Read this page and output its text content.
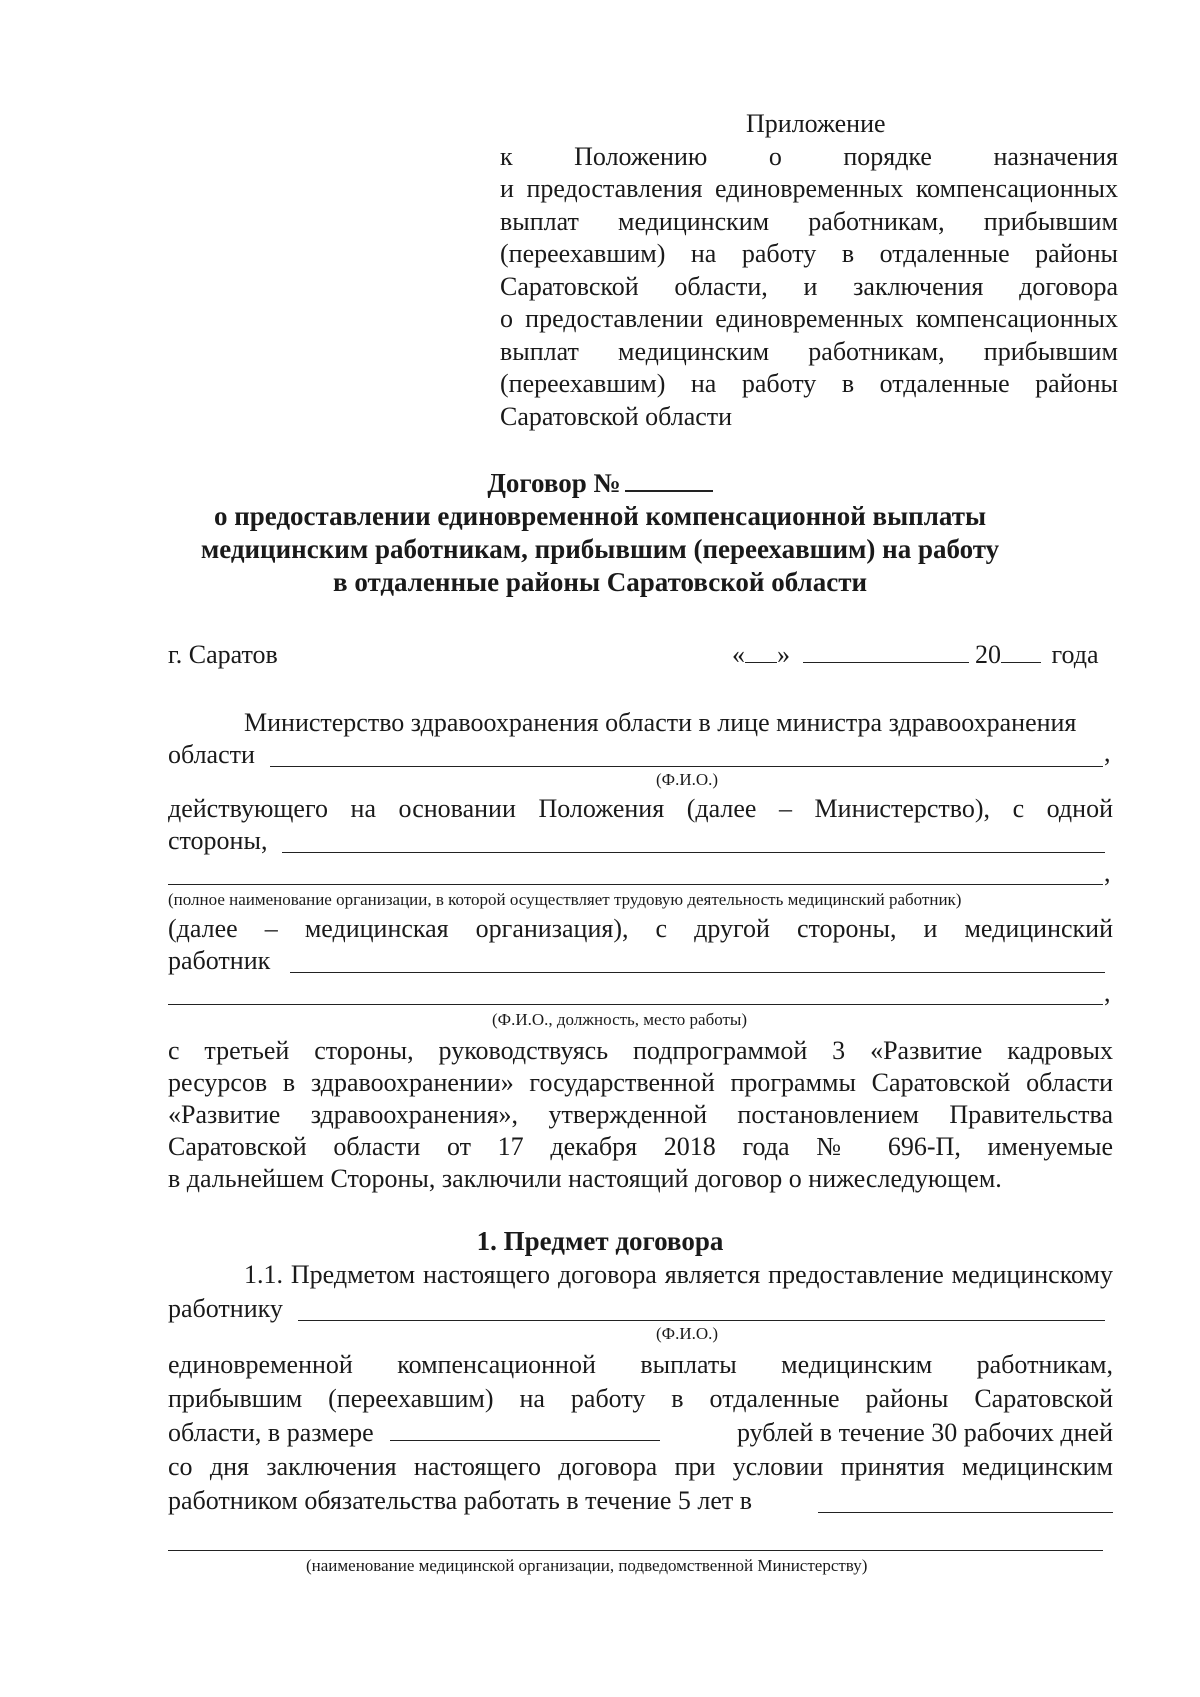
Приложение
к Положению о порядке назначения
и предоставления единовременных компенсационных
выплат медицинским работникам, прибывшим
(переехавшим) на работу в отдаленные районы
Саратовской области, и заключения договора
о предоставлении единовременных компенсационных
выплат медицинским работникам, прибывшим
(переехавшим) на работу в отдаленные районы
Саратовской области
Договор №
о предоставлении единовременной компенсационной выплаты
медицинским работникам, прибывшим (переехавшим) на работу
в отдаленные районы Саратовской области
г. Саратов	« »	20 года
Министерство здравоохранения области в лице министра здравоохранения
области	,
(Ф.И.О.)
действующего на основании Положения (далее – Министерство), с одной
стороны,
,
(полное наименование организации, в которой осуществляет трудовую деятельность медицинский работник)
(далее – медицинская организация), с другой стороны, и медицинский
работник
,
(Ф.И.О., должность, место работы)
с третьей стороны, руководствуясь подпрограммой 3 «Развитие кадровых
ресурсов в здравоохранении» государственной программы Саратовской области
«Развитие здравоохранения», утвержденной постановлением Правительства
Саратовской области от 17 декабря 2018 года № 696-П, именуемые
в дальнейшем Стороны, заключили настоящий договор о нижеследующем.
1. Предмет договора
1.1. Предметом настоящего договора является предоставление медицинскому
работнику
(Ф.И.О.)
единовременной компенсационной выплаты медицинским работникам,
прибывшим (переехавшим) на работу в отдаленные районы Саратовской
области, в размере	рублей в течение 30 рабочих дней
со дня заключения настоящего договора при условии принятия медицинским
работником обязательства работать в течение 5 лет в
(наименование медицинской организации, подведомственной Министерству)
